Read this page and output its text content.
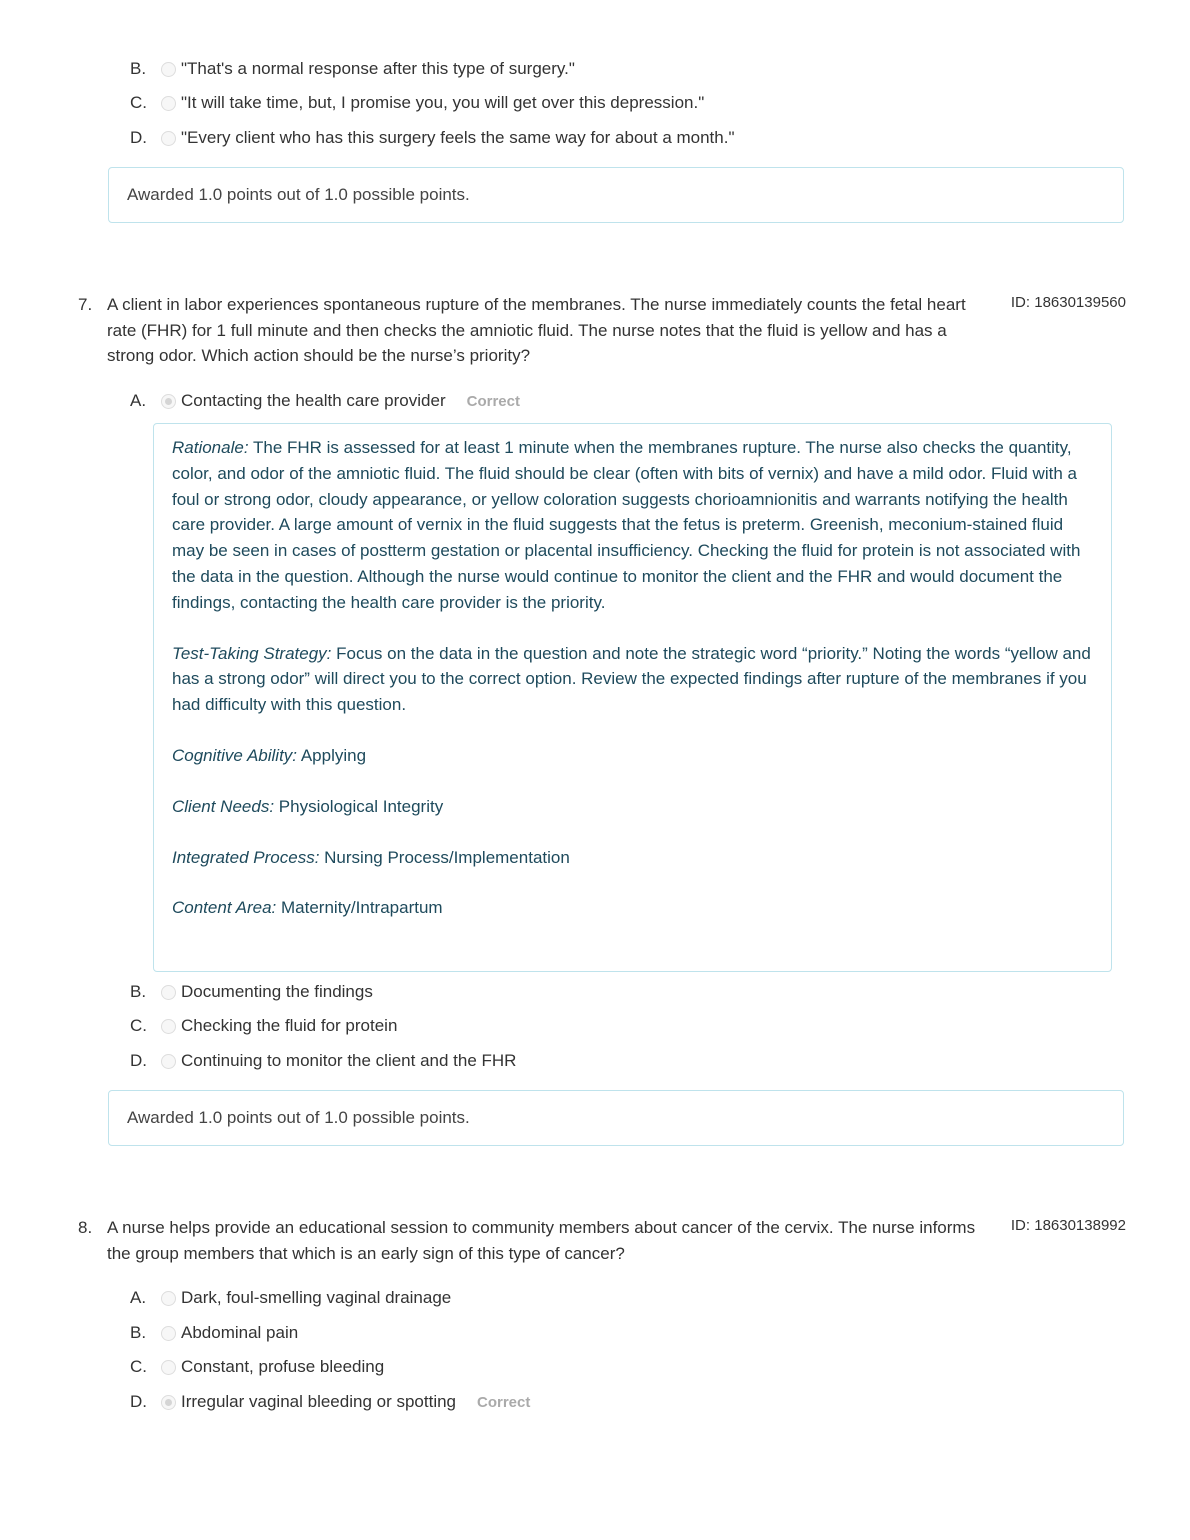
B.	"That's a normal response after this type of surgery."
C.	"It will take time, but, I promise you, you will get over this depression."
D.	"Every client who has this surgery feels the same way for about a month."
Awarded 1.0 points out of 1.0 possible points.
7. A client in labor experiences spontaneous rupture of the membranes. The nurse immediately counts the fetal heart rate (FHR) for 1 full minute and then checks the amniotic fluid. The nurse notes that the fluid is yellow and has a strong odor. Which action should be the nurse’s priority?
ID: 18630139560
A.	Contacting the health care provider Correct

Rationale: The FHR is assessed for at least 1 minute when the membranes rupture. The nurse also checks the quantity, color, and odor of the amniotic fluid. The fluid should be clear (often with bits of vernix) and have a mild odor. Fluid with a foul or strong odor, cloudy appearance, or yellow coloration suggests chorioamnionitis and warrants notifying the health care provider. A large amount of vernix in the fluid suggests that the fetus is preterm. Greenish, meconium-stained fluid may be seen in cases of postterm gestation or placental insufficiency. Checking the fluid for protein is not associated with the data in the question. Although the nurse would continue to monitor the client and the FHR and would document the findings, contacting the health care provider is the priority.

Test-Taking Strategy: Focus on the data in the question and note the strategic word “priority.” Noting the words “yellow and has a strong odor” will direct you to the correct option. Review the expected findings after rupture of the membranes if you had difficulty with this question.

Cognitive Ability: Applying

Client Needs: Physiological Integrity

Integrated Process: Nursing Process/Implementation

Content Area: Maternity/Intrapartum

B.	Documenting the findings
C.	Checking the fluid for protein
D.	Continuing to monitor the client and the FHR
Awarded 1.0 points out of 1.0 possible points.
8. A nurse helps provide an educational session to community members about cancer of the cervix. The nurse informs the group members that which is an early sign of this type of cancer?
ID: 18630138992
A.	Dark, foul-smelling vaginal drainage
B.	Abdominal pain
C.	Constant, profuse bleeding
D.	Irregular vaginal bleeding or spotting Correct
